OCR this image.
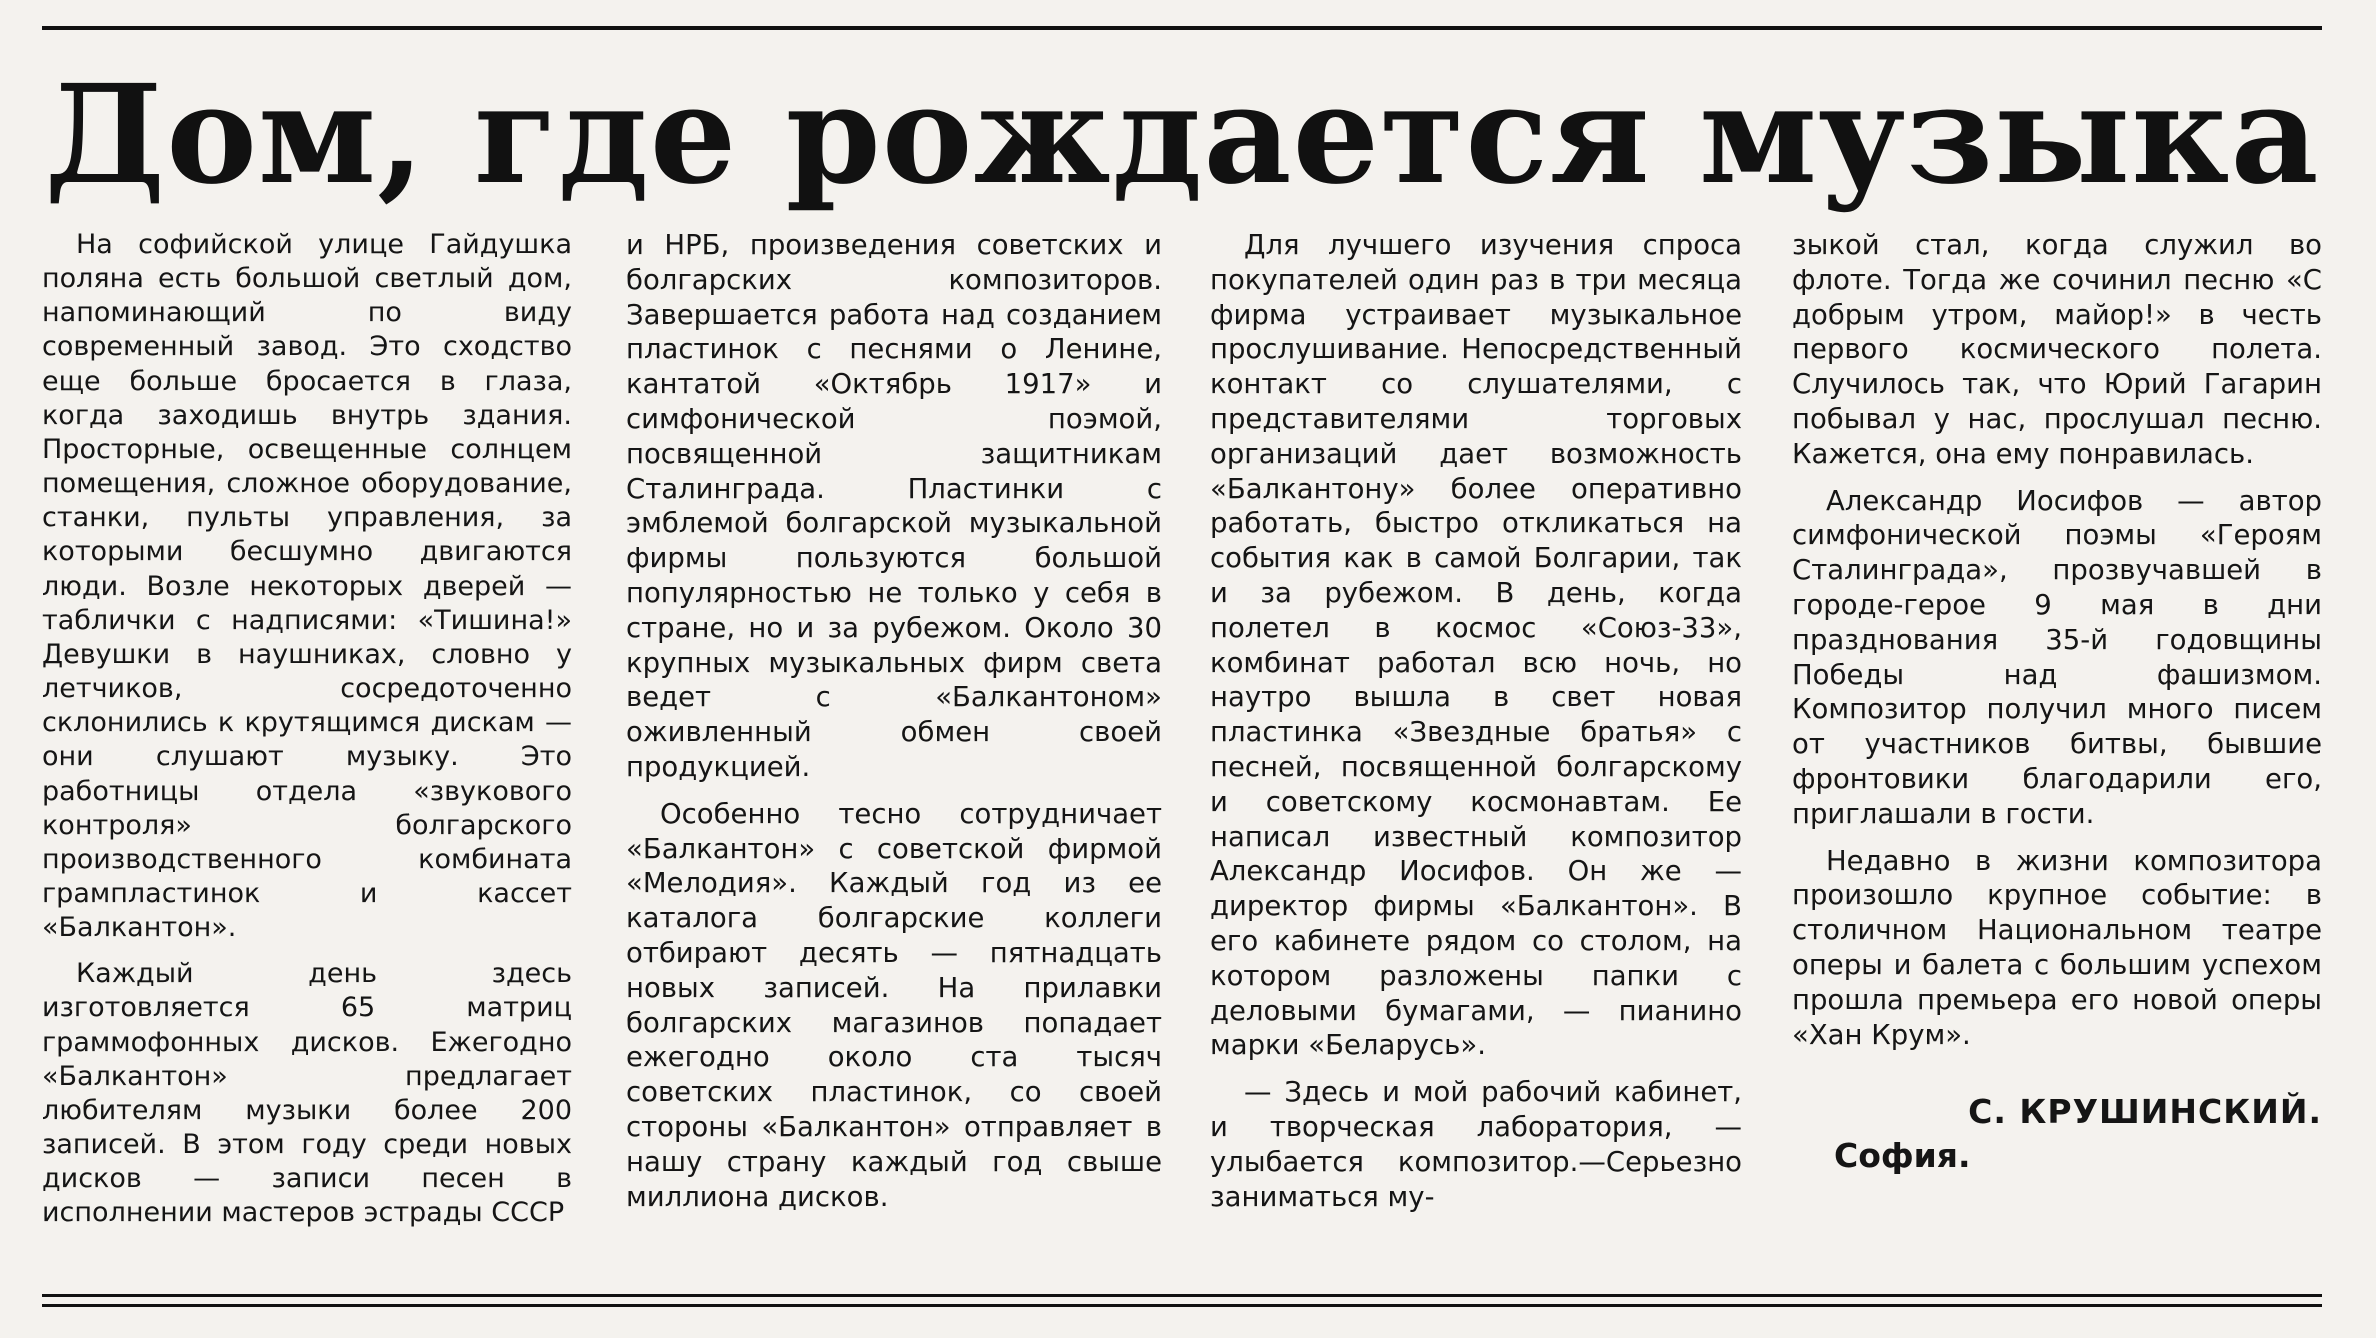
Дом, где рождается музыка

На софийской улице Гайдушка поляна есть большой светлый дом, напоминающий по виду современный завод. Это сходство еще больше бросается в глаза, когда заходишь внутрь здания. Просторные, освещенные солнцем помещения, сложное оборудование, станки, пульты управления, за которыми бесшумно двигаются люди. Возле некоторых дверей — таблички с надписями: «Тишина!» Девушки в наушниках, словно у летчиков, сосредоточенно склонились к крутящимся дискам — они слушают музыку. Это работницы отдела «звукового контроля» болгарского производственного комбината грампластинок и кассет «Балкантон».

Каждый день здесь изготовляется 65 матриц граммофонных дисков. Ежегодно «Балкантон» предлагает любителям музыки более 200 записей. В этом году среди новых дисков — записи песен в исполнении мастеров эстрады СССР

и НРБ, произведения советских и болгарских композиторов. Завершается работа над созданием пластинок с песнями о Ленине, кантатой «Октябрь 1917» и симфонической поэмой, посвященной защитникам Сталинграда. Пластинки с эмблемой болгарской музыкальной фирмы пользуются большой популярностью не только у себя в стране, но и за рубежом. Около 30 крупных музыкальных фирм света ведет с «Балкантоном» оживленный обмен своей продукцией.

Особенно тесно сотрудничает «Балкантон» с советской фирмой «Мелодия». Каждый год из ее каталога болгарские коллеги отбирают десять — пятнадцать новых записей. На прилавки болгарских магазинов попадает ежегодно около ста тысяч советских пластинок, со своей стороны «Балкантон» отправляет в нашу страну каждый год свыше миллиона дисков.

Для лучшего изучения спроса покупателей один раз в три месяца фирма устраивает музыкальное прослушивание. Непосредственный контакт со слушателями, с представителями торговых организаций дает возможность «Балкантону» более оперативно работать, быстро откликаться на события как в самой Болгарии, так и за рубежом. В день, когда полетел в космос «Союз-33», комбинат работал всю ночь, но наутро вышла в свет новая пластинка «Звездные братья» с песней, посвященной болгарскому и советскому космонавтам. Ее написал известный композитор Александр Иосифов. Он же — директор фирмы «Балкантон». В его кабинете рядом со столом, на котором разложены папки с деловыми бумагами, — пианино марки «Беларусь».

— Здесь и мой рабочий кабинет, и творческая лаборатория, — улыбается композитор.—Серьезно заниматься му-

зыкой стал, когда служил во флоте. Тогда же сочинил песню «С добрым утром, майор!» в честь первого космического полета. Случилось так, что Юрий Гагарин побывал у нас, прослушал песню. Кажется, она ему понравилась.

Александр Иосифов — автор симфонической поэмы «Героям Сталинграда», прозвучавшей в городе-герое 9 мая в дни празднования 35-й годовщины Победы над фашизмом. Композитор получил много писем от участников битвы, бывшие фронтовики благодарили его, приглашали в гости.

Недавно в жизни композитора произошло крупное событие: в столичном Национальном театре оперы и балета с большим успехом прошла премьера его новой оперы «Хан Крум».

С. КРУШИНСКИЙ.
София.
